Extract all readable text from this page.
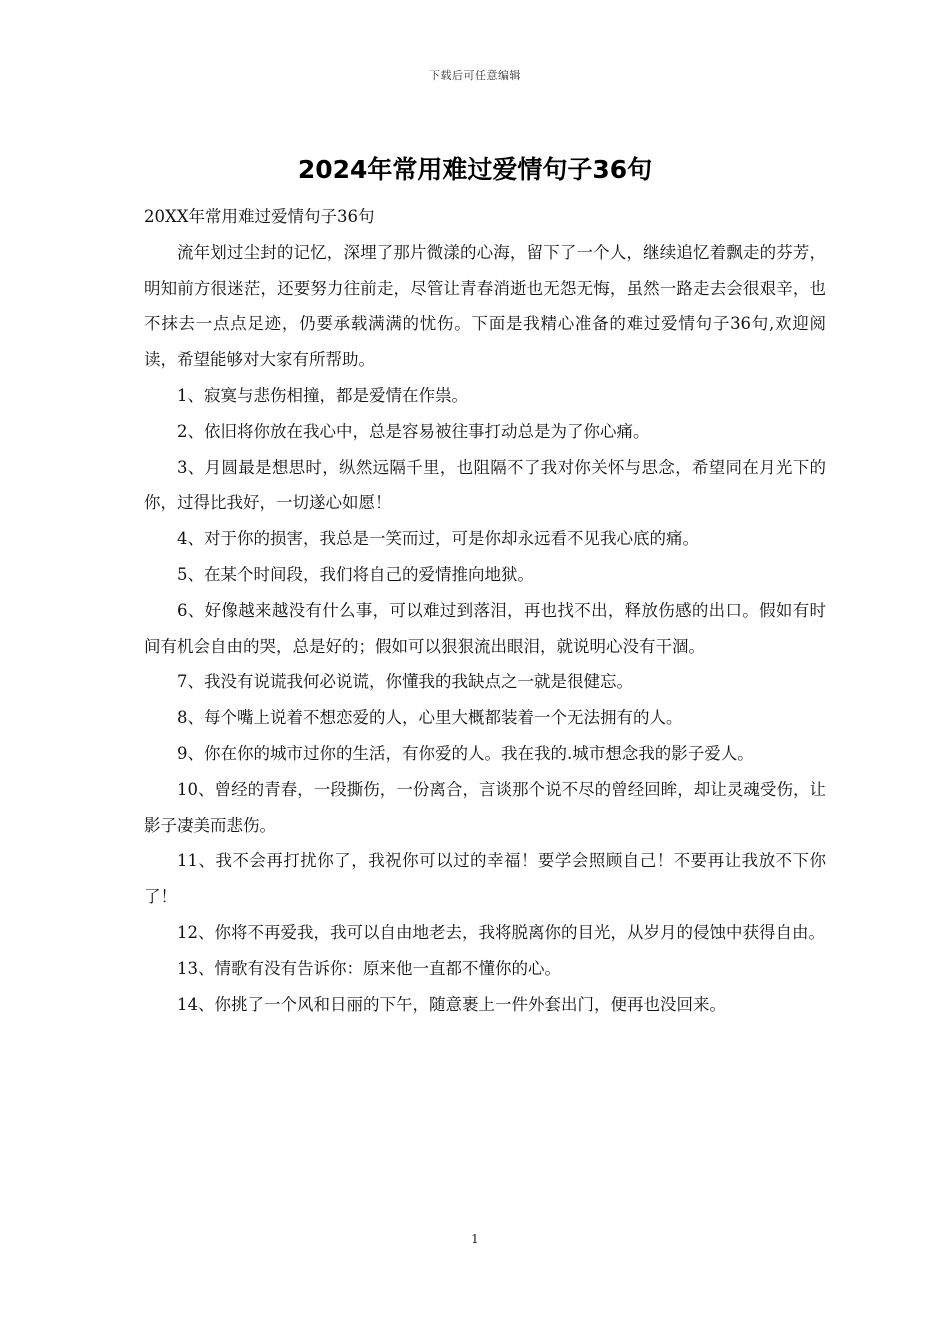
下载后可任意编辑
2024年常用难过爱情句子36句

20XX年常用难过爱情句子36句

流年划过尘封的记忆，深埋了那片微漾的心海，留下了一个人，继续追忆着飘走的芬芳，明知前方很迷茫，还要努力往前走，尽管让青春消逝也无怨无悔，虽然一路走去会很艰辛，也不抹去一点点足迹，仍要承载满满的忧伤。下面是我精心准备的难过爱情句子36句,欢迎阅读，希望能够对大家有所帮助。

1、寂寞与悲伤相撞，都是爱情在作祟。

2、依旧将你放在我心中，总是容易被往事打动总是为了你心痛。

3、月圆最是想思时，纵然远隔千里，也阻隔不了我对你关怀与思念，希望同在月光下的你，过得比我好，一切遂心如愿！

4、对于你的损害，我总是一笑而过，可是你却永远看不见我心底的痛。

5、在某个时间段，我们将自己的爱情推向地狱。

6、好像越来越没有什么事，可以难过到落泪，再也找不出，释放伤感的出口。假如有时间有机会自由的哭，总是好的；假如可以狠狠流出眼泪，就说明心没有干涸。

7、我没有说谎我何必说谎，你懂我的我缺点之一就是很健忘。

8、每个嘴上说着不想恋爱的人，心里大概都装着一个无法拥有的人。

9、你在你的城市过你的生活，有你爱的人。我在我的.城市想念我的影子爱人。

10、曾经的青春，一段撕伤，一份离合，言谈那个说不尽的曾经回眸，却让灵魂受伤，让影子凄美而悲伤。

11、我不会再打扰你了，我祝你可以过的幸福！要学会照顾自己！不要再让我放不下你了！

12、你将不再爱我，我可以自由地老去，我将脱离你的目光，从岁月的侵蚀中获得自由。

13、情歌有没有告诉你：原来他一直都不懂你的心。

14、你挑了一个风和日丽的下午，随意裹上一件外套出门，便再也没回来。

1
